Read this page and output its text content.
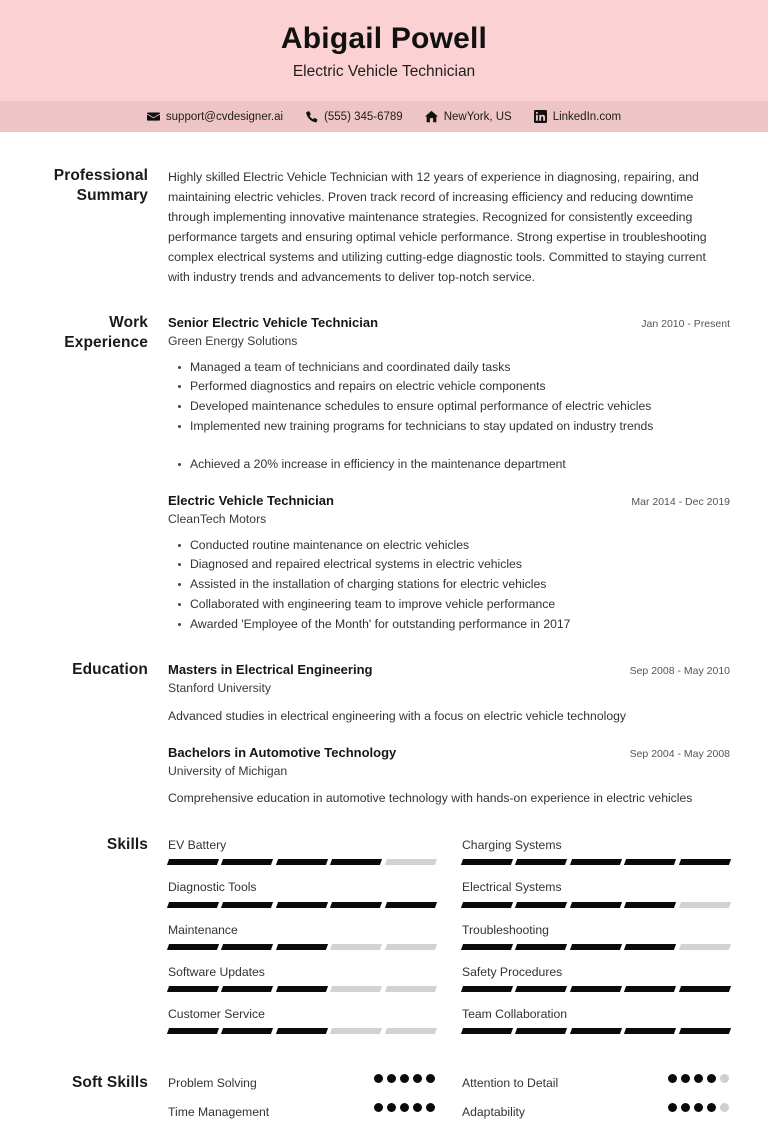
Abigail Powell
Electric Vehicle Technician
support@cvdesigner.ai	(555) 345-6789	NewYork, US	LinkedIn.com
Professional Summary
Highly skilled Electric Vehicle Technician with 12 years of experience in diagnosing, repairing, and maintaining electric vehicles. Proven track record of increasing efficiency and reducing downtime through implementing innovative maintenance strategies. Recognized for consistently exceeding performance targets and ensuring optimal vehicle performance. Strong expertise in troubleshooting complex electrical systems and utilizing cutting-edge diagnostic tools. Committed to staying current with industry trends and advancements to deliver top-notch service.
Work Experience
Senior Electric Vehicle Technician	Jan 2010 - Present
Green Energy Solutions
Managed a team of technicians and coordinated daily tasks
Performed diagnostics and repairs on electric vehicle components
Developed maintenance schedules to ensure optimal performance of electric vehicles
Implemented new training programs for technicians to stay updated on industry trends
Achieved a 20% increase in efficiency in the maintenance department
Electric Vehicle Technician	Mar 2014 - Dec 2019
CleanTech Motors
Conducted routine maintenance on electric vehicles
Diagnosed and repaired electrical systems in electric vehicles
Assisted in the installation of charging stations for electric vehicles
Collaborated with engineering team to improve vehicle performance
Awarded 'Employee of the Month' for outstanding performance in 2017
Education	Masters in Electrical Engineering	Sep 2008 - May 2010
Stanford University
Advanced studies in electrical engineering with a focus on electric vehicle technology
Bachelors in Automotive Technology	Sep 2004 - May 2008
University of Michigan
Comprehensive education in automotive technology with hands-on experience in electric vehicles
Skills	EV Battery	Charging Systems
Diagnostic Tools	Electrical Systems
Maintenance	Troubleshooting
Software Updates	Safety Procedures
Customer Service	Team Collaboration
Soft Skills	Problem Solving	Attention to Detail
Time Management	Adaptability
